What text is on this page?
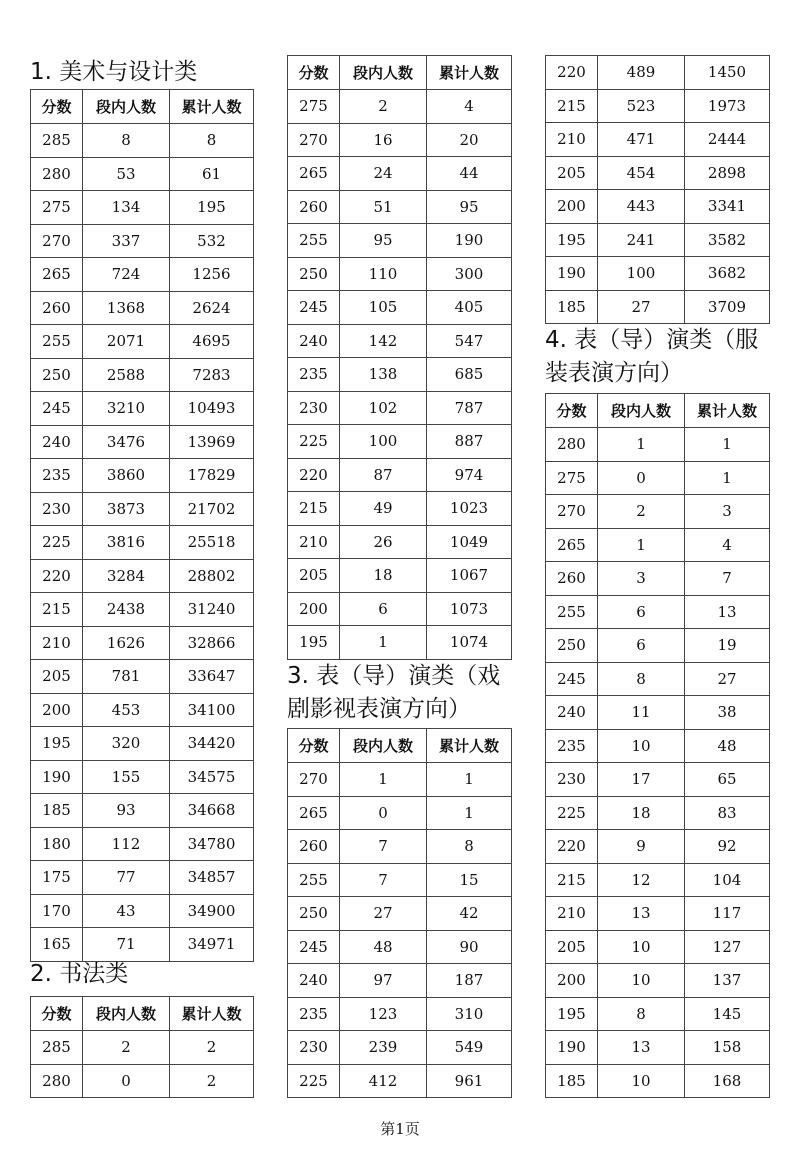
1. 美术与设计类
分数	段内人数	累计人数
285	8	8
280	53	61
275	134	195
270	337	532
265	724	1256
260	1368	2624
255	2071	4695
250	2588	7283
245	3210	10493
240	3476	13969
235	3860	17829
230	3873	21702
225	3816	25518
220	3284	28802
215	2438	31240
210	1626	32866
205	781	33647
200	453	34100
195	320	34420
190	155	34575
185	93	34668
180	112	34780
175	77	34857
170	43	34900
165	71	34971
2. 书法类
分数	段内人数	累计人数
285	2	2
280	0	2
分数	段内人数	累计人数
275	2	4
270	16	20
265	24	44
260	51	95
255	95	190
250	110	300
245	105	405
240	142	547
235	138	685
230	102	787
225	100	887
220	87	974
215	49	1023
210	26	1049
205	18	1067
200	6	1073
195	1	1074
3. 表（导）演类（戏
剧影视表演方向）
分数	段内人数	累计人数
270	1	1
265	0	1
260	7	8
255	7	15
250	27	42
245	48	90
240	97	187
235	123	310
230	239	549
225	412	961
220	489	1450
215	523	1973
210	471	2444
205	454	2898
200	443	3341
195	241	3582
190	100	3682
185	27	3709
4. 表（导）演类（服
装表演方向）
分数	段内人数	累计人数
280	1	1
275	0	1
270	2	3
265	1	4
260	3	7
255	6	13
250	6	19
245	8	27
240	11	38
235	10	48
230	17	65
225	18	83
220	9	92
215	12	104
210	13	117
205	10	127
200	10	137
195	8	145
190	13	158
185	10	168
第1页
